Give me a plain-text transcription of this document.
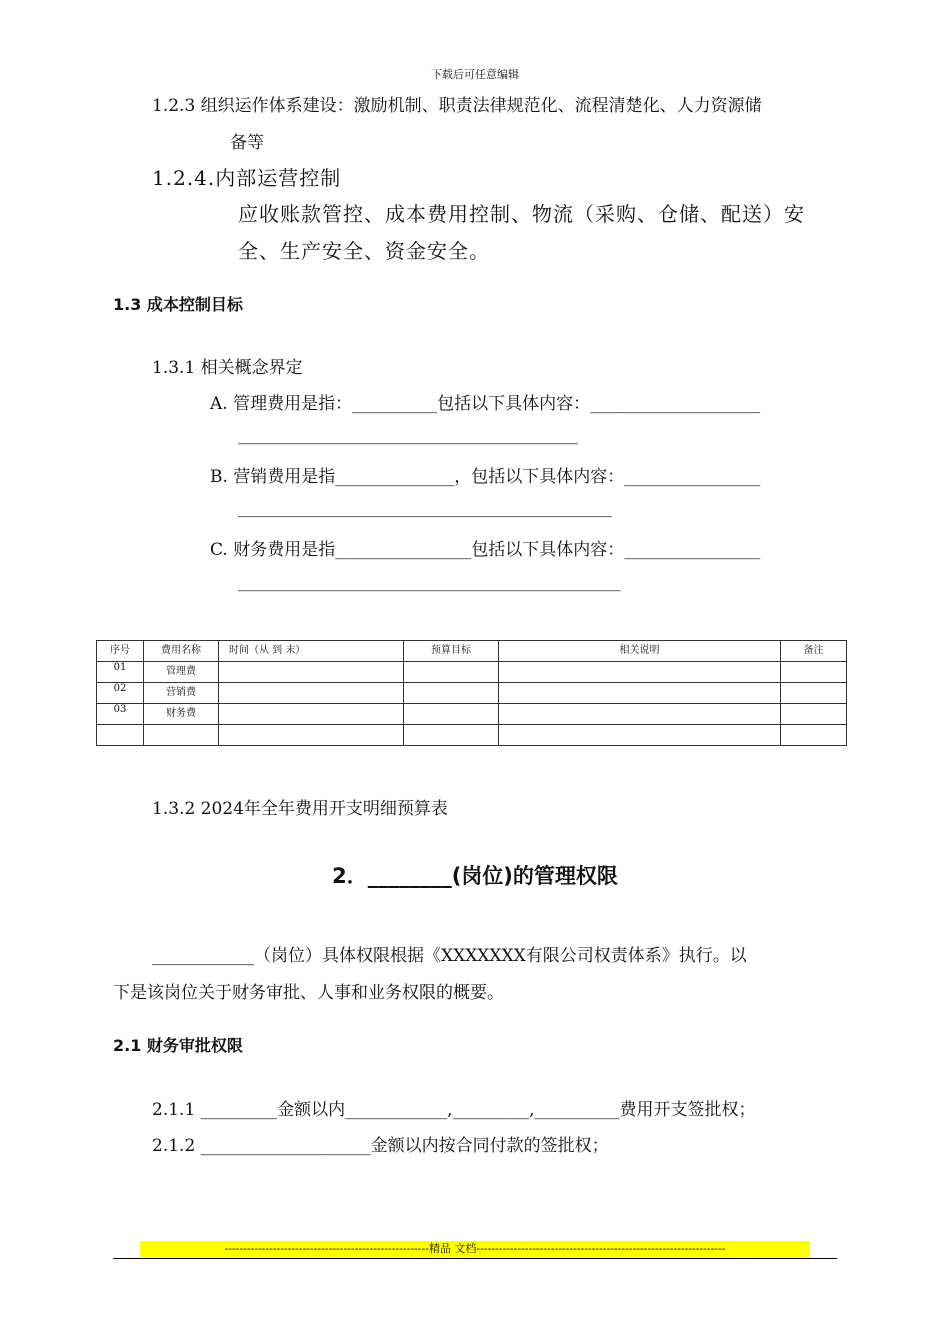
下载后可任意编辑
1.2.3 组织运作体系建设：激励机制、职责法律规范化、流程清楚化、人力资源储
备等
1.2.4.内部运营控制
应收账款管控、成本费用控制、物流（采购、仓储、配送）安
全、生产安全、资金安全。
1.3 成本控制目标
1.3.1 相关概念界定
A. 管理费用是指：__________包括以下具体内容：____________________
________________________________________
B. 营销费用是指______________，包括以下具体内容：________________
____________________________________________
C. 财务费用是指________________包括以下具体内容：________________
_____________________________________________
序号	费用名称	时间（从 到 末）	预算目标	相关说明	备注
01	管理费				
02	营销费				
03	财务费				

1.3.2 2024年全年费用开支明细预算表
2．________(岗位)的管理权限
____________（岗位）具体权限根据《XXXXXXX有限公司权责体系》执行。以
下是该岗位关于财务审批、人事和业务权限的概要。
2.1 财务审批权限
2.1.1 _________金额以内____________,_________,__________费用开支签批权；
2.1.2 ____________________金额以内按合同付款的签批权；
-------------------------------------------------------精品 文档-------------------------------------------------------------------
